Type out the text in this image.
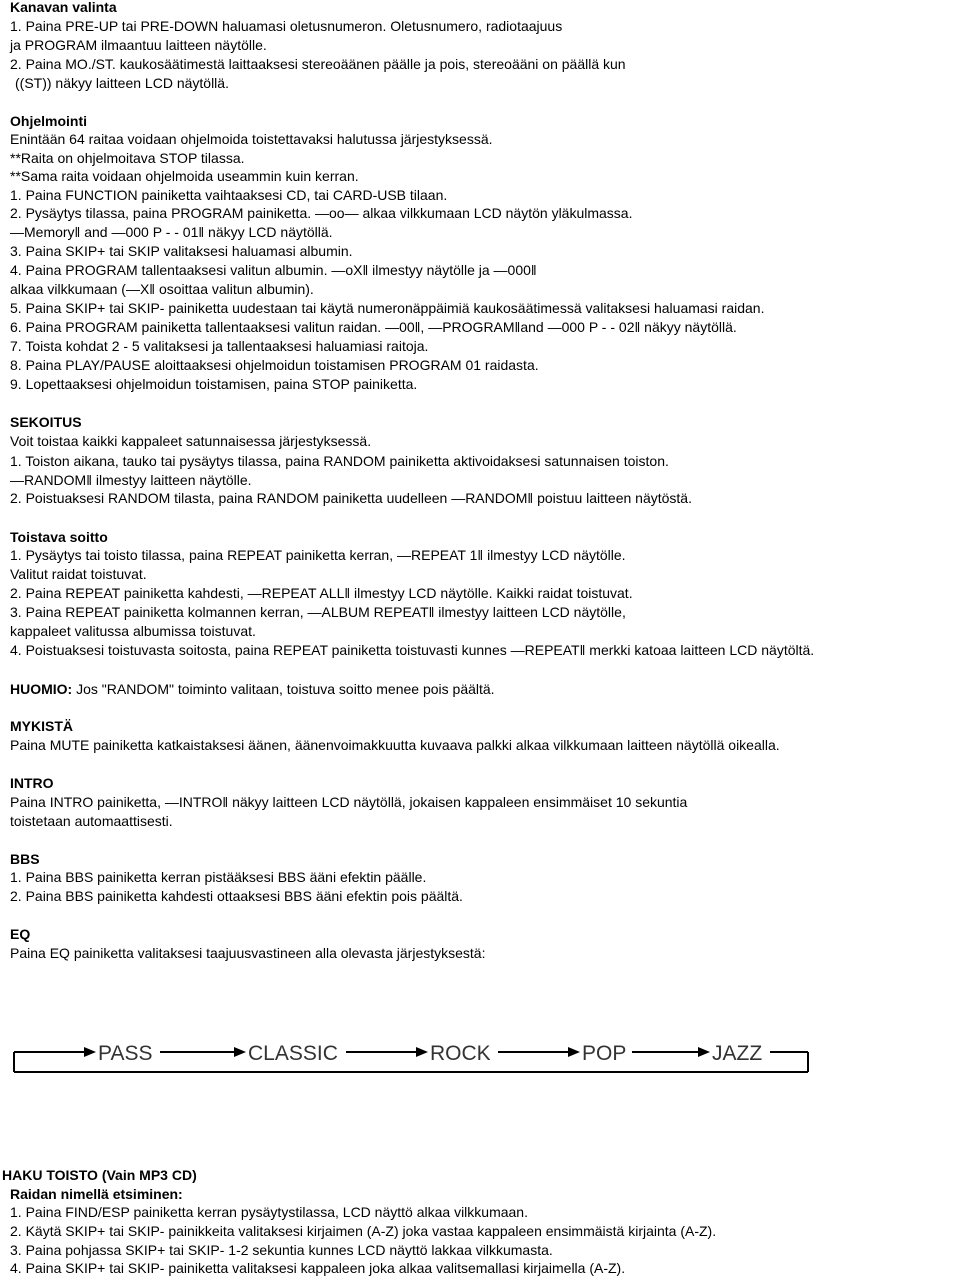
Kanavan valinta
1. Paina PRE-UP tai PRE-DOWN haluamasi oletusnumeron. Oletusnumero, radiotaajuus
ja PROGRAM ilmaantuu laitteen näytölle.
2. Paina MO./ST. kaukosäätimestä laittaaksesi stereoäänen päälle ja pois, stereoääni on päällä kun
((ST)) näkyy laitteen LCD näytöllä.
Ohjelmointi
Enintään 64 raitaa voidaan ohjelmoida toistettavaksi halutussa järjestyksessä.
**Raita on ohjelmoitava STOP tilassa.
**Sama raita voidaan ohjelmoida useammin kuin kerran.
1. Paina FUNCTION painiketta vaihtaaksesi CD, tai CARD-USB tilaan.
2. Pysäytys tilassa, paina PROGRAM painiketta. ―oo― alkaa vilkkumaan LCD näytön yläkulmassa.
―Memory‖ and ―000 P - - 01‖ näkyy LCD näytöllä.
3. Paina SKIP+ tai SKIP valitaksesi haluamasi albumin.
4. Paina PROGRAM tallentaaksesi valitun albumin. ―oX‖ ilmestyy näytölle ja ―000‖
alkaa vilkkumaan (―X‖ osoittaa valitun albumin).
5. Paina SKIP+ tai SKIP- painiketta uudestaan tai käytä numeronäppäimiä kaukosäätimessä valitaksesi haluamasi raidan.
6. Paina PROGRAM painiketta tallentaaksesi valitun raidan. ―00‖, ―PROGRAM‖and ―000 P - - 02‖ näkyy näytöllä.
7. Toista kohdat 2 - 5 valitaksesi ja tallentaaksesi haluamiasi raitoja.
8. Paina PLAY/PAUSE aloittaaksesi ohjelmoidun toistamisen PROGRAM 01 raidasta.
9. Lopettaaksesi ohjelmoidun toistamisen, paina STOP painiketta.
SEKOITUS
Voit toistaa kaikki kappaleet satunnaisessa järjestyksessä.
1. Toiston aikana, tauko tai pysäytys tilassa, paina RANDOM painiketta aktivoidaksesi satunnaisen toiston.
―RANDOM‖ ilmestyy laitteen näytölle.
2. Poistuaksesi RANDOM tilasta, paina RANDOM painiketta uudelleen ―RANDOM‖ poistuu laitteen näytöstä.
Toistava soitto
1. Pysäytys tai toisto tilassa, paina REPEAT painiketta kerran, ―REPEAT 1‖ ilmestyy LCD näytölle.
Valitut raidat toistuvat.
2. Paina REPEAT painiketta kahdesti, ―REPEAT ALL‖ ilmestyy LCD näytölle. Kaikki raidat toistuvat.
3. Paina REPEAT painiketta kolmannen kerran, ―ALBUM REPEAT‖ ilmestyy laitteen LCD näytölle,
kappaleet valitussa albumissa toistuvat.
4. Poistuaksesi toistuvasta soitosta, paina REPEAT painiketta toistuvasti kunnes ―REPEAT‖ merkki katoaa laitteen LCD näytöltä.
HUOMIO: Jos "RANDOM" toiminto valitaan, toistuva soitto menee pois päältä.
MYKISTÄ
Paina MUTE painiketta katkaistaksesi äänen, äänenvoimakkuutta kuvaava palkki alkaa vilkkumaan laitteen näytöllä oikealla.
INTRO
Paina INTRO painiketta, ―INTRO‖ näkyy laitteen LCD näytöllä, jokaisen kappaleen ensimmäiset 10 sekuntia
toistetaan automaattisesti.
BBS
1. Paina BBS painiketta kerran pistääksesi BBS ääni efektin päälle.
2. Paina BBS painiketta kahdesti ottaaksesi BBS ääni efektin pois päältä.
EQ
Paina EQ painiketta valitaksesi taajuusvastineen alla olevasta järjestyksestä:
PASS	CLASSIC	ROCK	POP	JAZZ
HAKU TOISTO (Vain MP3 CD)
Raidan nimellä etsiminen:
1. Paina FIND/ESP painiketta kerran pysäytystilassa, LCD näyttö alkaa vilkkumaan.
2. Käytä SKIP+ tai SKIP- painikkeita valitaksesi kirjaimen (A-Z) joka vastaa kappaleen ensimmäistä kirjainta (A-Z).
3. Paina pohjassa SKIP+ tai SKIP- 1-2 sekuntia kunnes LCD näyttö lakkaa vilkkumasta.
4. Paina SKIP+ tai SKIP- painiketta valitaksesi kappaleen joka alkaa valitsemallasi kirjaimella (A-Z).
